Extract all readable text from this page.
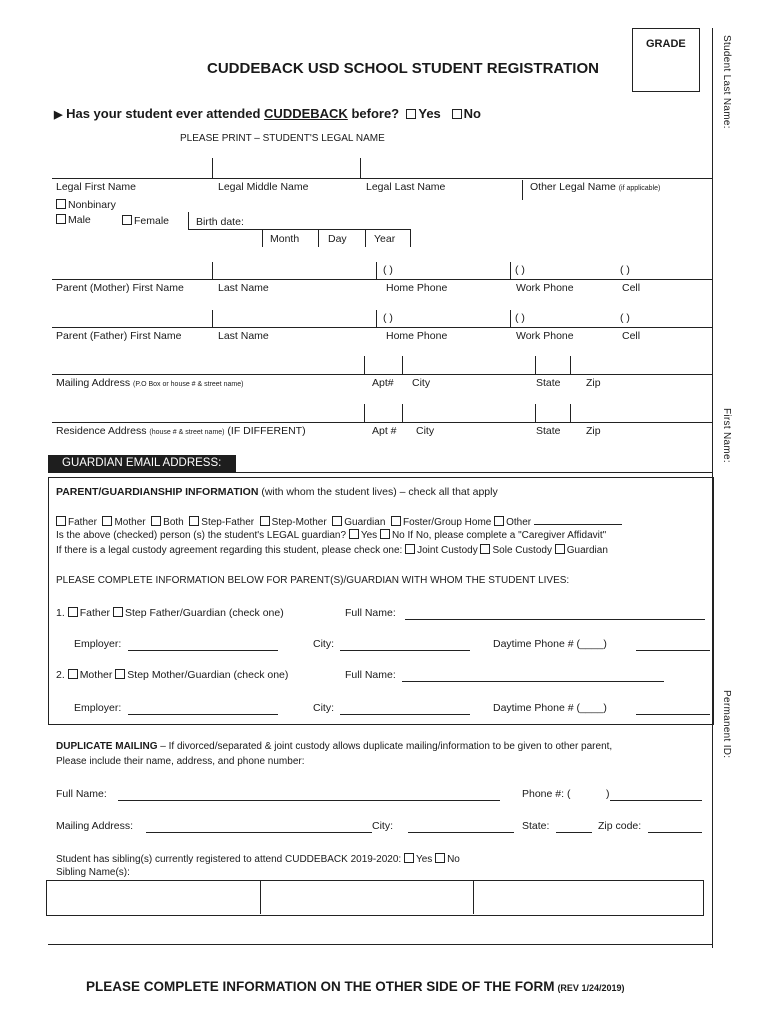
Student Last Name:
First Name:
Permanent ID:
GRADE
CUDDEBACK USD SCHOOL STUDENT REGISTRATION
▶ Has your student ever attended CUDDEBACK before? Yes No
PLEASE PRINT – STUDENT'S LEGAL NAME
Legal First Name	Legal Middle Name	Legal Last Name	Other Legal Name (if applicable)
Nonbinary
Male	Female	Birth date:
Month	Day	Year
( )	( )	( )
Parent (Mother) First Name	Last Name	Home Phone	Work Phone	Cell
( )	( )	( )
Parent (Father) First Name	Last Name	Home Phone	Work Phone	Cell
Mailing Address (P.O Box or house # & street name)	Apt# City	State Zip
Residence Address (house # & street name) (IF DIFFERENT)	Apt # City	State Zip
GUARDIAN EMAIL ADDRESS:
PARENT/GUARDIANSHIP INFORMATION (with whom the student lives) – check all that apply
Father Mother Both Step-Father Step-Mother Guardian Foster/Group Home Other
Is the above (checked) person (s) the student's LEGAL guardian? Yes No If No, please complete a "Caregiver Affidavit"
If there is a legal custody agreement regarding this student, please check one: Joint Custody Sole Custody Guardian
PLEASE COMPLETE INFORMATION BELOW FOR PARENT(S)/GUARDIAN WITH WHOM THE STUDENT LIVES:
1. Father Step Father/Guardian (check one)	Full Name:
Employer:	City:	Daytime Phone # (____)
2. Mother Step Mother/Guardian (check one)	Full Name:
Employer:	City:	Daytime Phone # (____)
DUPLICATE MAILING – If divorced/separated & joint custody allows duplicate mailing/information to be given to other parent,
Please include their name, address, and phone number:
Full Name:	Phone #: (	)
Mailing Address:	City:	State:	Zip code:
Student has sibling(s) currently registered to attend CUDDEBACK 2019-2020: Yes No
Sibling Name(s):
PLEASE COMPLETE INFORMATION ON THE OTHER SIDE OF THE FORM (REV 1/24/2019)
